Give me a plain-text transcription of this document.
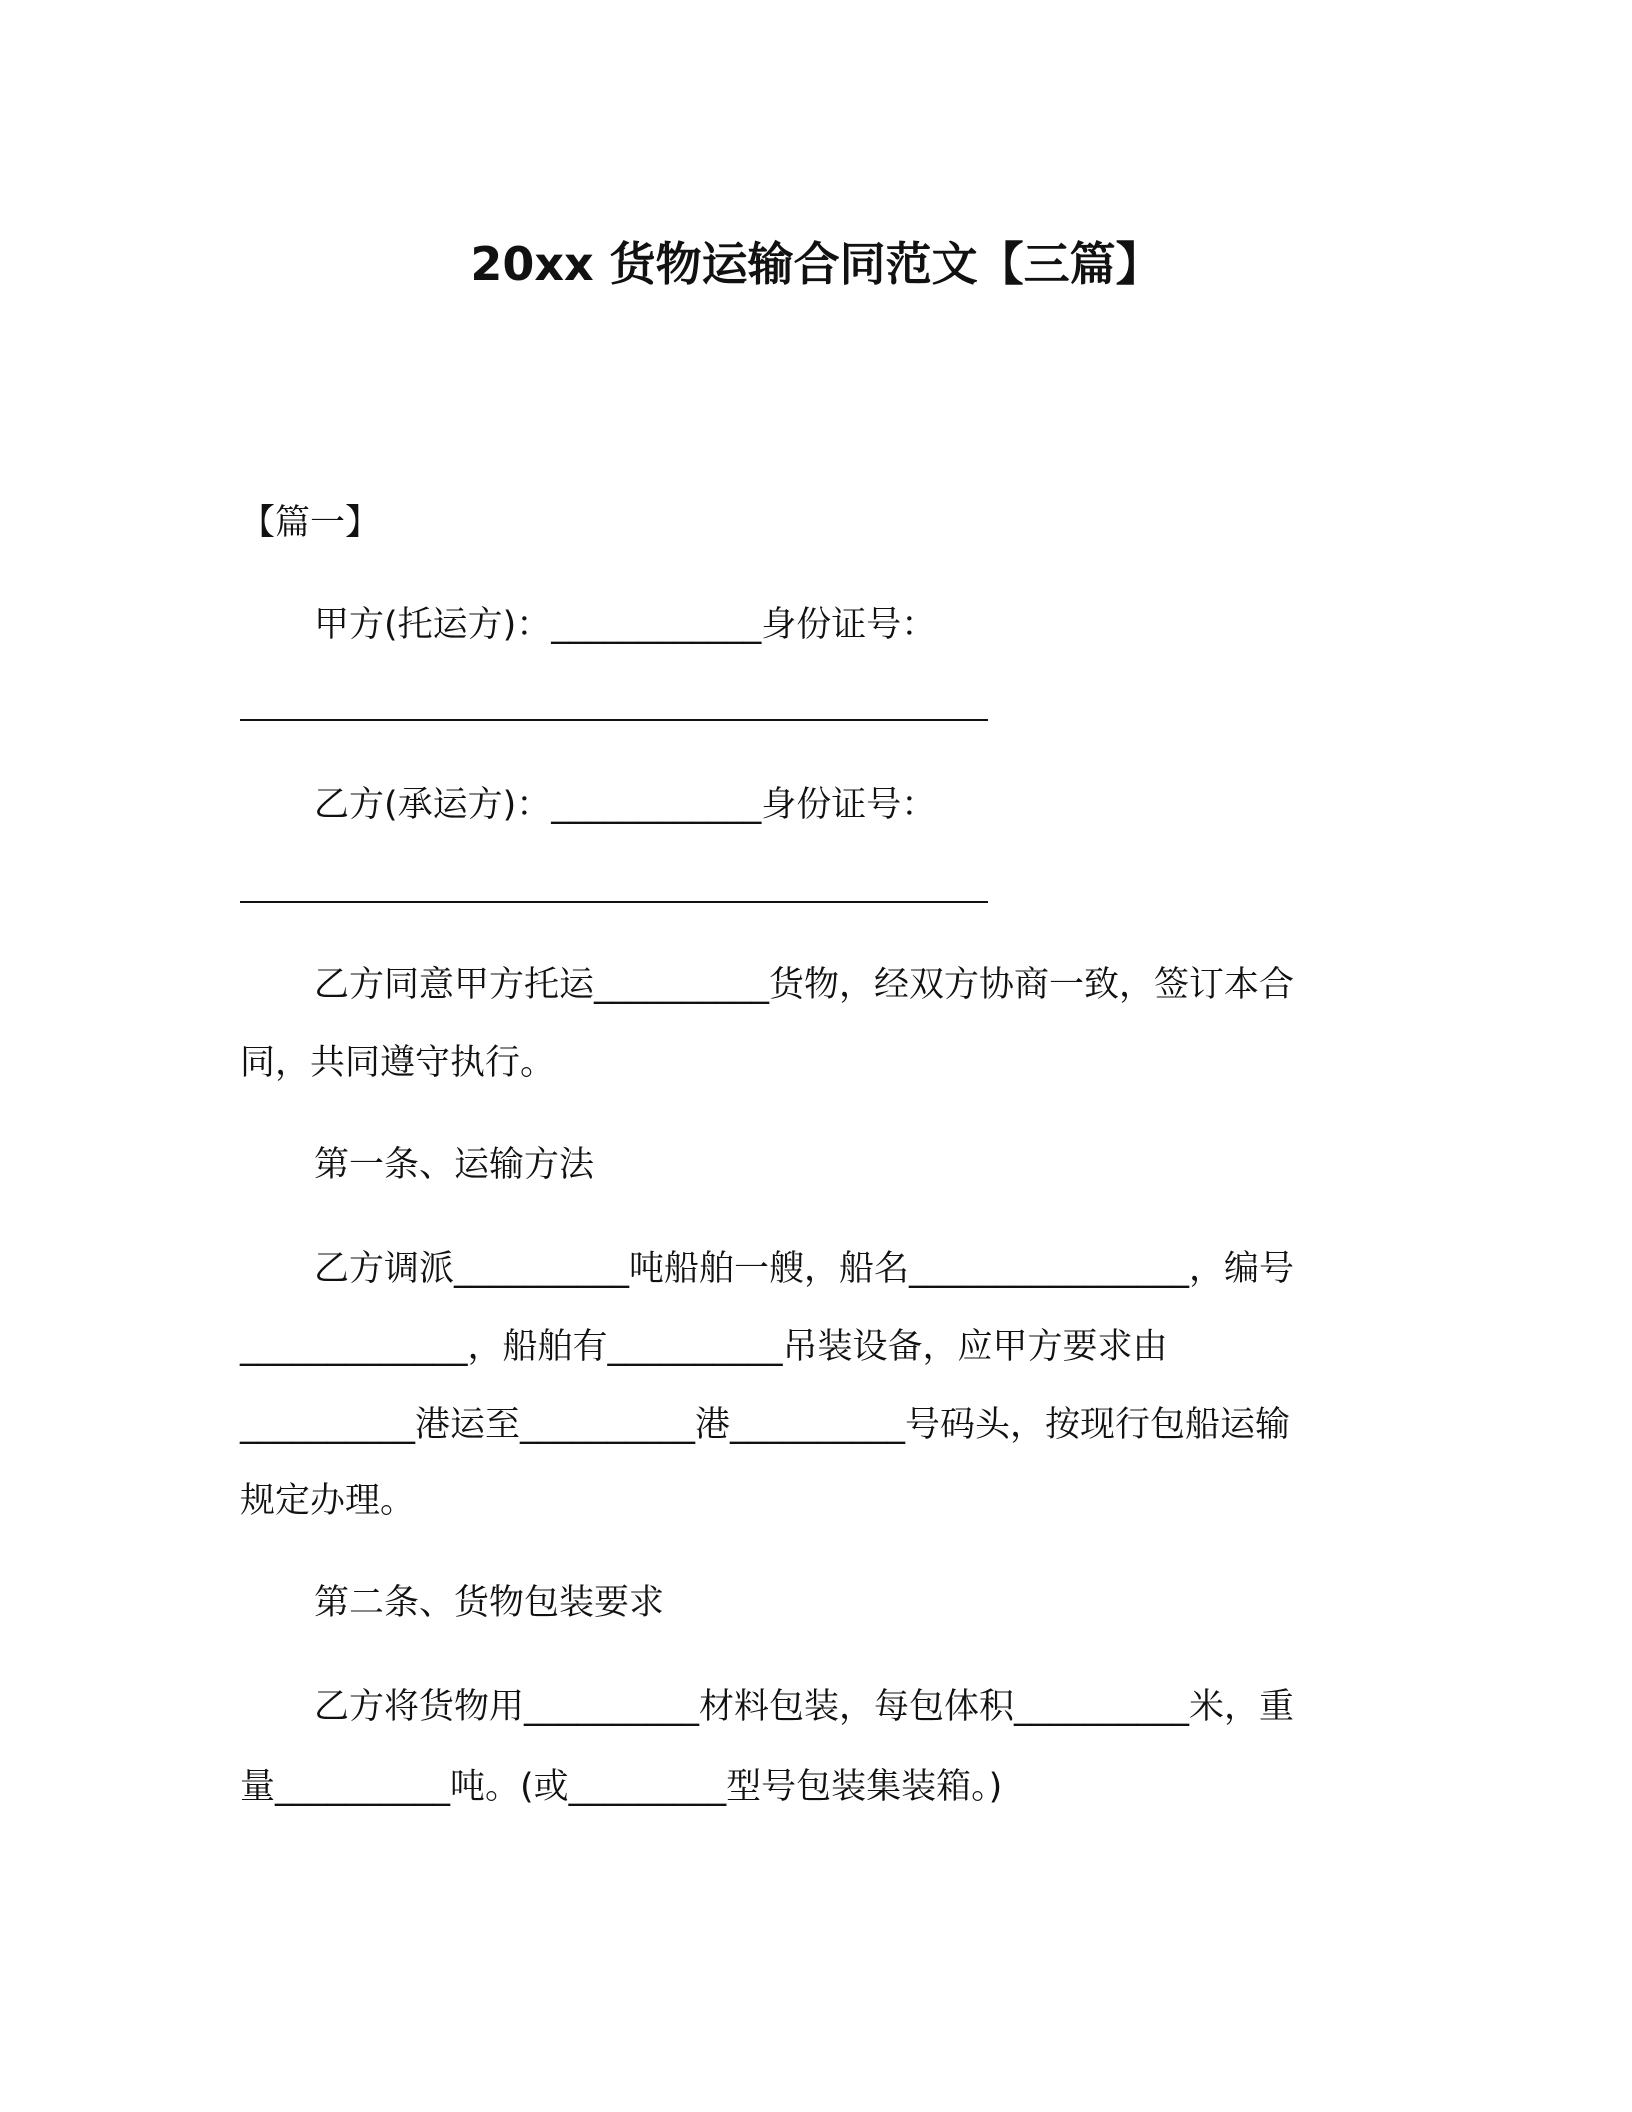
20xx 货物运输合同范文【三篇】
【篇一】
甲方(托运方)：____________身份证号：
乙方(承运方)：____________身份证号：
乙方同意甲方托运__________货物，经双方协商一致，签订本合
同，共同遵守执行。
第一条、运输方法
乙方调派__________吨船舶一艘，船名________________，编号
_____________，船舶有__________吊装设备，应甲方要求由
__________港运至__________港__________号码头，按现行包船运输
规定办理。
第二条、货物包装要求
乙方将货物用__________材料包装，每包体积__________米，重
量__________吨。(或_________型号包装集装箱。)
